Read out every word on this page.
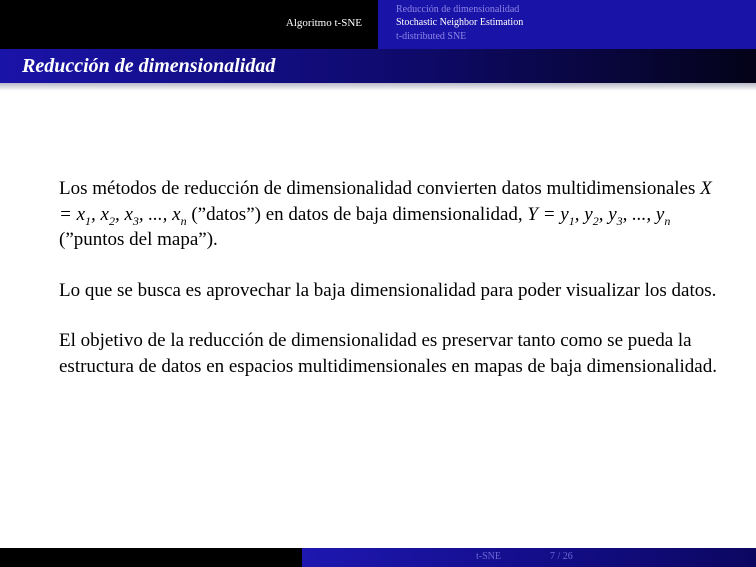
Algoritmo t-SNE
Reducción de dimensionalidad
Stochastic Neighbor Estimation
t-distributed SNE
Reducción de dimensionalidad

Los métodos de reducción de dimensionalidad convierten datos multidimensionales $X = x_1$, $x_2$, $x_3$, ..., $x_n$ (”datos”) en datos de baja dimensionalidad, $Y = y_1$, $y_2$, $y_3$, ..., $y_n$ (”puntos del mapa”).

Lo que se busca es aprovechar la baja dimensionalidad para poder visualizar los datos.

El objetivo de la reducción de dimensionalidad es preservar tanto como se pueda la estructura de datos en espacios multidimensionales en mapas de baja dimensionalidad.

t-SNE	7 / 26
